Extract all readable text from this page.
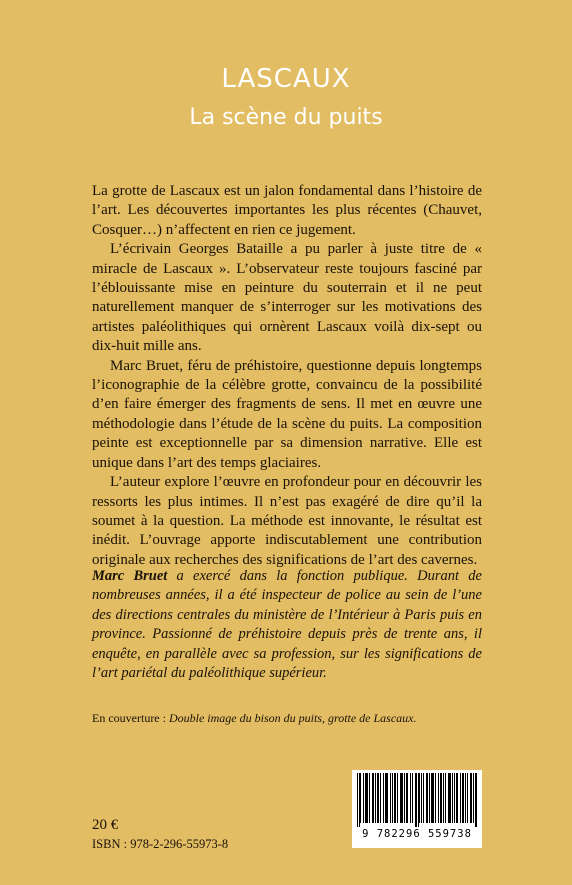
LASCAUX
La scène du puits

La grotte de Lascaux est un jalon fondamental dans l’histoire de l’art. Les découvertes importantes les plus récentes (Chauvet, Cosquer…) n’affectent en rien ce jugement.

L’écrivain Georges Bataille a pu parler à juste titre de « miracle de Lascaux ». L’observateur reste toujours fasciné par l’éblouissante mise en peinture du souterrain et il ne peut naturellement manquer de s’interroger sur les motivations des artistes paléolithiques qui ornèrent Lascaux voilà dix-sept ou dix-huit mille ans.

Marc Bruet, féru de préhistoire, questionne depuis longtemps l’iconographie de la célèbre grotte, convaincu de la possibilité d’en faire émerger des fragments de sens. Il met en œuvre une méthodologie dans l’étude de la scène du puits. La composition peinte est exceptionnelle par sa dimension narrative. Elle est unique dans l’art des temps glaciaires.

L’auteur explore l’œuvre en profondeur pour en découvrir les ressorts les plus intimes. Il n’est pas exagéré de dire qu’il la soumet à la question. La méthode est innovante, le résultat est inédit. L’ouvrage apporte indiscutablement une contribution originale aux recherches des significations de l’art des cavernes.

Marc Bruet a exercé dans la fonction publique. Durant de nombreuses années, il a été inspecteur de police au sein de l’une des directions centrales du ministère de l’Intérieur à Paris puis en province. Passionné de préhistoire depuis près de trente ans, il enquête, en parallèle avec sa profession, sur les significations de l’art pariétal du paléolithique supérieur.

En couverture : Double image du bison du puits, grotte de Lascaux.

20 €
ISBN : 978-2-296-55973-8
9 782296 559738
